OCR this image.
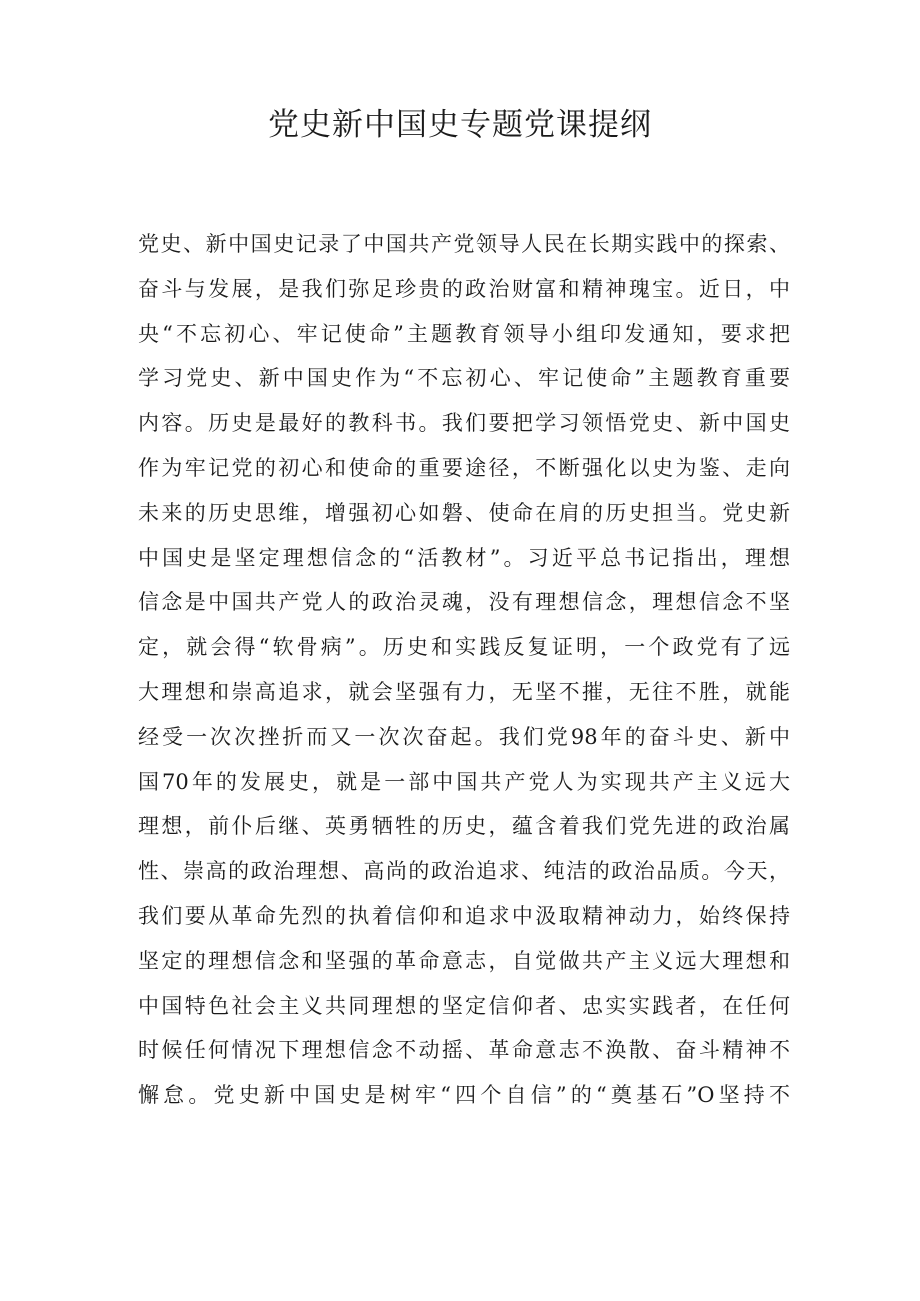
党史新中国史专题党课提纲
党史、新中国史记录了中国共产党领导人民在长期实践中的探索、
奋斗与发展，是我们弥足珍贵的政治财富和精神瑰宝。近日，中
央“不忘初心、牢记使命”主题教育领导小组印发通知，要求把
学习党史、新中国史作为“不忘初心、牢记使命”主题教育重要
内容。历史是最好的教科书。我们要把学习领悟党史、新中国史
作为牢记党的初心和使命的重要途径，不断强化以史为鉴、走向
未来的历史思维，增强初心如磐、使命在肩的历史担当。党史新
中国史是坚定理想信念的“活教材”。习近平总书记指出，理想
信念是中国共产党人的政治灵魂，没有理想信念，理想信念不坚
定，就会得“软骨病”。历史和实践反复证明，一个政党有了远
大理想和崇高追求，就会坚强有力，无坚不摧，无往不胜，就能
经受一次次挫折而又一次次奋起。我们党98年的奋斗史、新中
国70年的发展史，就是一部中国共产党人为实现共产主义远大
理想，前仆后继、英勇牺牲的历史，蕴含着我们党先进的政治属
性、崇高的政治理想、高尚的政治追求、纯洁的政治品质。今天，
我们要从革命先烈的执着信仰和追求中汲取精神动力，始终保持
坚定的理想信念和坚强的革命意志，自觉做共产主义远大理想和
中国特色社会主义共同理想的坚定信仰者、忠实实践者，在任何
时候任何情况下理想信念不动摇、革命意志不涣散、奋斗精神不
懈怠。党史新中国史是树牢“四个自信”的“奠基石”O坚持不
